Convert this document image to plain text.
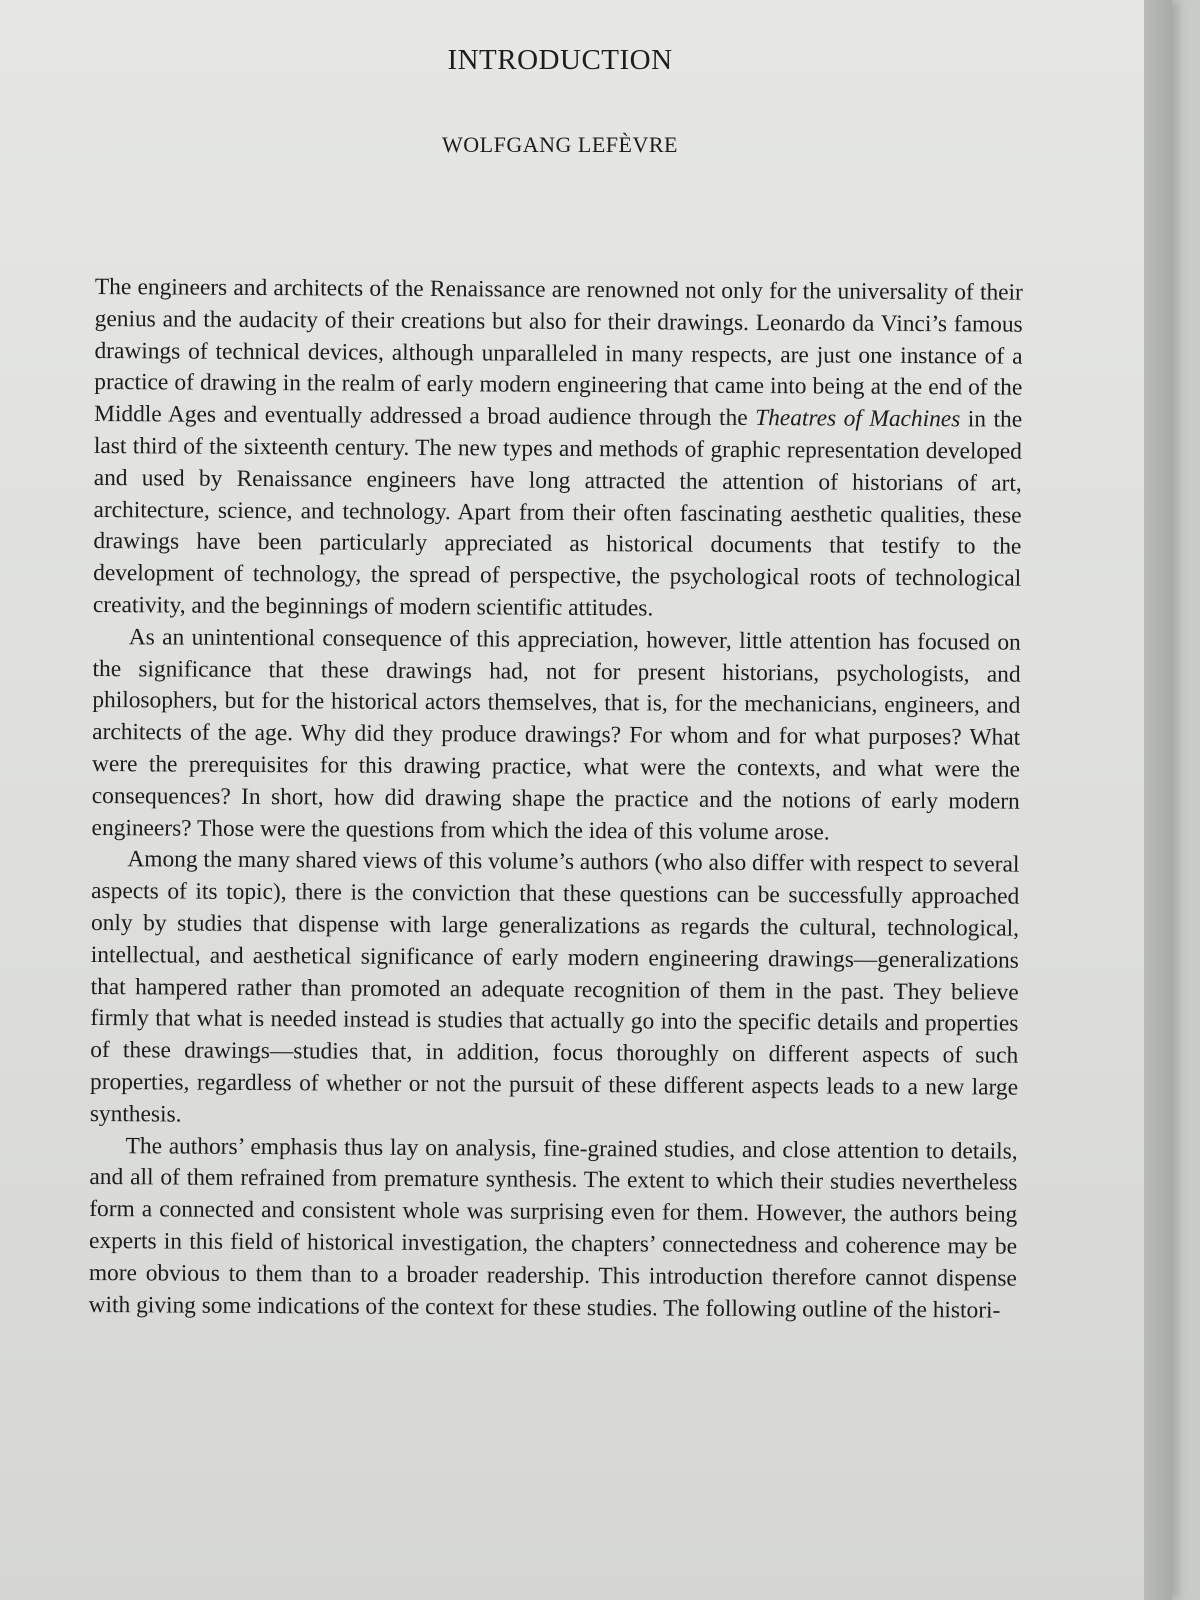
INTRODUCTION
WOLFGANG LEFÈVRE

The engineers and architects of the Renaissance are renowned not only for the universality of their genius and the audacity of their creations but also for their drawings. Leonardo da Vinci’s famous drawings of technical devices, although unparalleled in many respects, are just one instance of a practice of drawing in the realm of early modern engineering that came into being at the end of the Middle Ages and eventually addressed a broad audience through the Theatres of Machines in the last third of the sixteenth century. The new types and methods of graphic representation developed and used by Renaissance engineers have long attracted the attention of historians of art, architecture, science, and technology. Apart from their often fascinating aesthetic qualities, these drawings have been particularly appreciated as historical documents that testify to the development of technology, the spread of perspective, the psychological roots of technological creativity, and the beginnings of modern scientific attitudes.

As an unintentional consequence of this appreciation, however, little attention has focused on the significance that these drawings had, not for present historians, psychologists, and philosophers, but for the historical actors themselves, that is, for the mechanicians, engineers, and architects of the age. Why did they produce drawings? For whom and for what purposes? What were the prerequisites for this drawing practice, what were the contexts, and what were the consequences? In short, how did drawing shape the practice and the notions of early modern engineers? Those were the questions from which the idea of this volume arose.

Among the many shared views of this volume’s authors (who also differ with respect to several aspects of its topic), there is the conviction that these questions can be successfully approached only by studies that dispense with large generalizations as regards the cultural, technological, intellectual, and aesthetical significance of early modern engineering drawings—generalizations that hampered rather than promoted an adequate recognition of them in the past. They believe firmly that what is needed instead is studies that actually go into the specific details and properties of these drawings—studies that, in addition, focus thoroughly on different aspects of such properties, regardless of whether or not the pursuit of these different aspects leads to a new large synthesis.

The authors’ emphasis thus lay on analysis, fine-grained studies, and close attention to details, and all of them refrained from premature synthesis. The extent to which their studies nevertheless form a connected and consistent whole was surprising even for them. However, the authors being experts in this field of historical investigation, the chapters’ connectedness and coherence may be more obvious to them than to a broader readership. This introduction therefore cannot dispense with giving some indications of the context for these studies. The following outline of the histori-
